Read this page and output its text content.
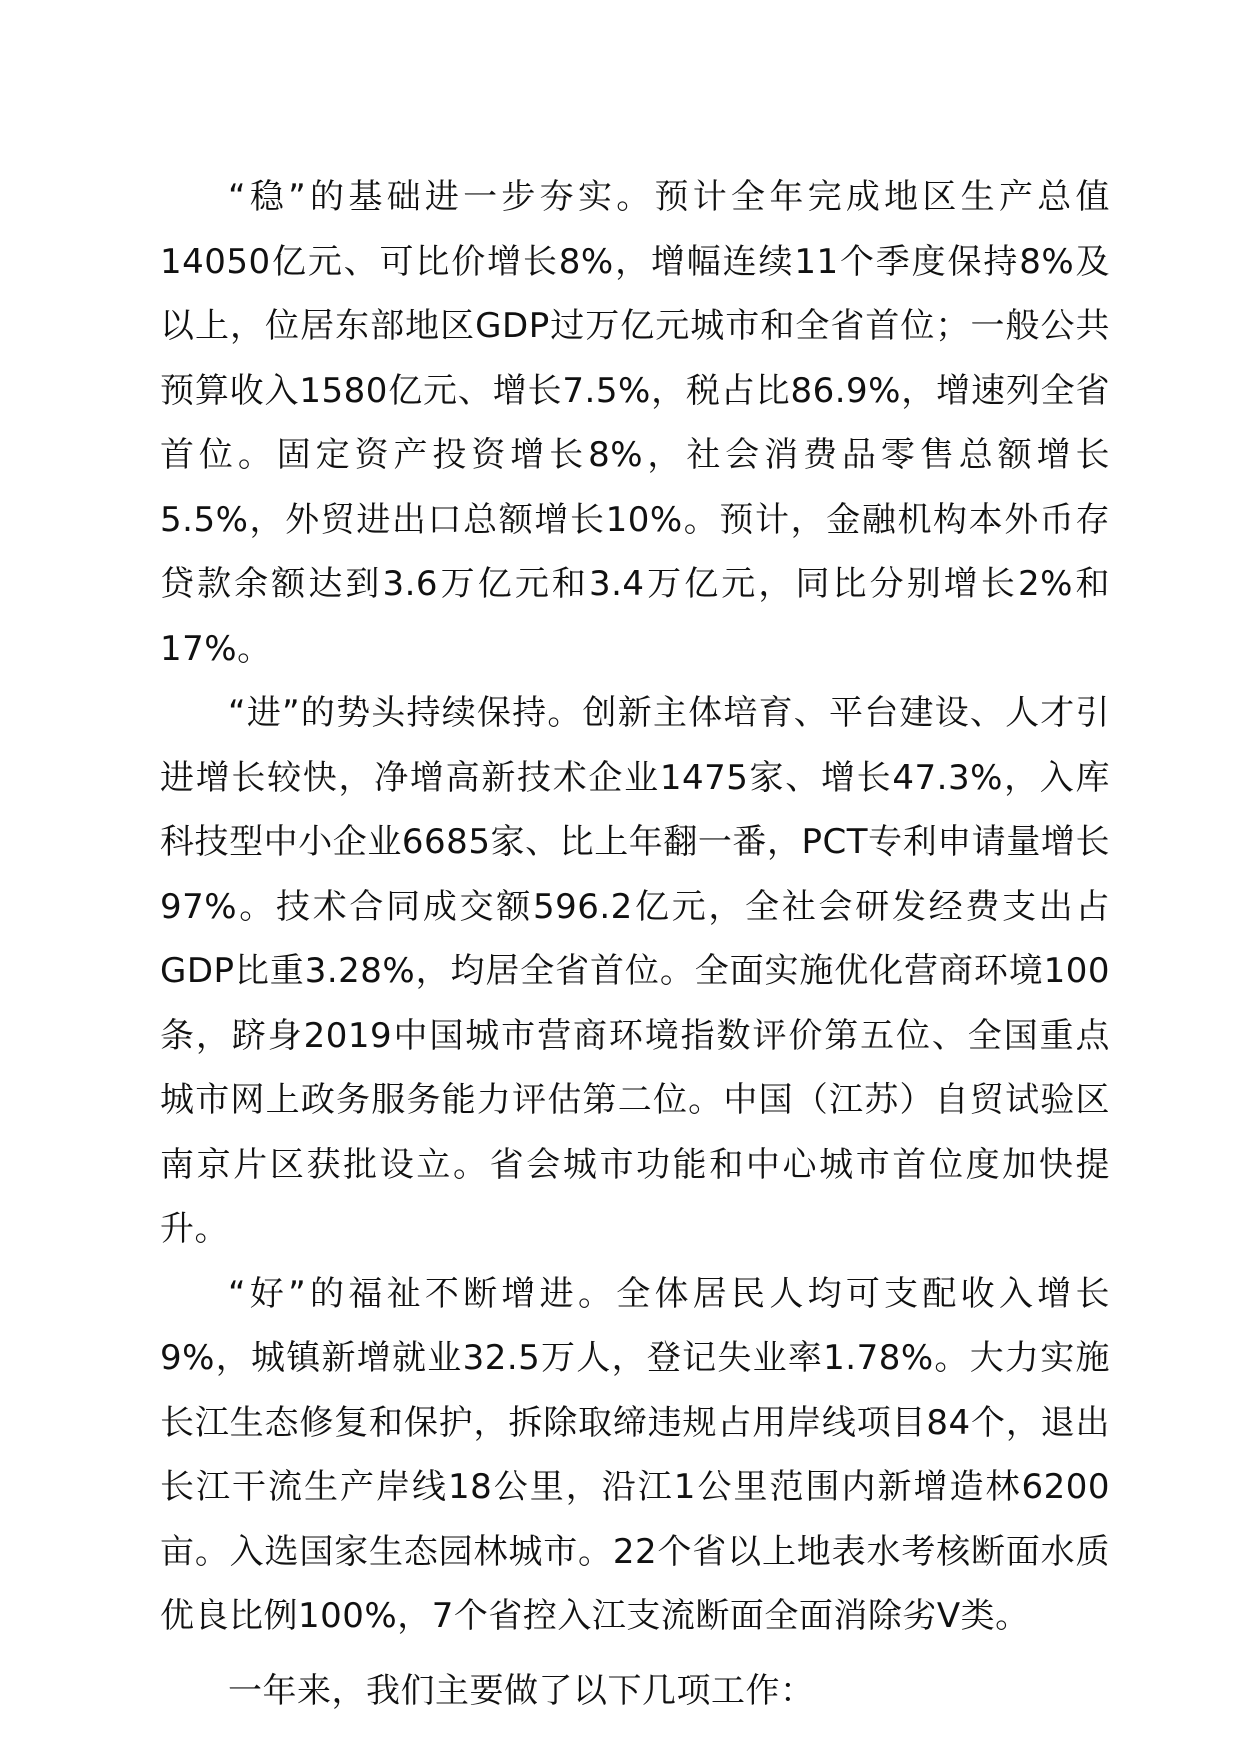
“稳”的基础进一步夯实。预计全年完成地区生产总值14050亿元、可比价增长8%，增幅连续11个季度保持8%及以上，位居东部地区GDP过万亿元城市和全省首位；一般公共预算收入1580亿元、增长7.5%，税占比86.9%，增速列全省首位。固定资产投资增长8%，社会消费品零售总额增长5.5%，外贸进出口总额增长10%。预计，金融机构本外币存贷款余额达到3.6万亿元和3.4万亿元，同比分别增长2%和17%。

“进”的势头持续保持。创新主体培育、平台建设、人才引进增长较快，净增高新技术企业1475家、增长47.3%，入库科技型中小企业6685家、比上年翻一番，PCT专利申请量增长97%。技术合同成交额596.2亿元，全社会研发经费支出占GDP比重3.28%，均居全省首位。全面实施优化营商环境100条，跻身2019中国城市营商环境指数评价第五位、全国重点城市网上政务服务能力评估第二位。中国（江苏）自贸试验区南京片区获批设立。省会城市功能和中心城市首位度加快提升。

“好”的福祉不断增进。全体居民人均可支配收入增长9%，城镇新增就业32.5万人，登记失业率1.78%。大力实施长江生态修复和保护，拆除取缔违规占用岸线项目84个，退出长江干流生产岸线18公里，沿江1公里范围内新增造林6200亩。入选国家生态园林城市。22个省以上地表水考核断面水质优良比例100%，7个省控入江支流断面全面消除劣Ⅴ类。

一年来，我们主要做了以下几项工作：
